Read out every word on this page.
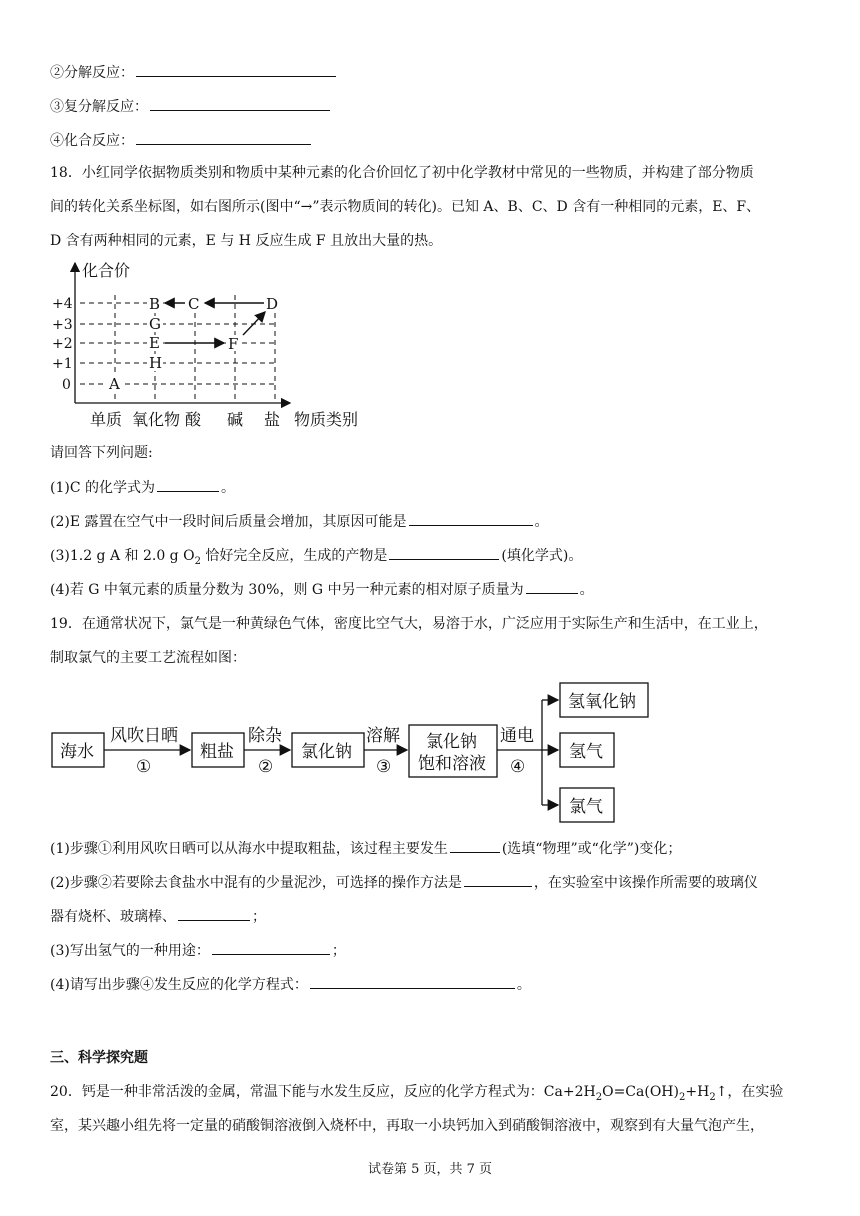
②分解反应：
③复分解反应：
④化合反应：
18．小红同学依据物质类别和物质中某种元素的化合价回忆了初中化学教材中常见的一些物质，并构建了部分物质
间的转化关系坐标图，如右图所示(图中“→”表示物质间的转化)。已知 A、B、C、D 含有一种相同的元素，E、F、
D 含有两种相同的元素，E 与 H 反应生成 F 且放出大量的热。
化合价
物质类别
+4
+3
+2
+1
0
单质 氧化物 酸 碱 盐
A
B C	D
E	F
G
H
请回答下列问题:
(1)C 的化学式为	。
(2)E 露置在空气中一段时间后质量会增加，其原因可能是	。
(3)1.2 g A 和 2.0 g $O_2$ 恰好完全反应，生成的产物是	(填化学式)。
(4)若 G 中氧元素的质量分数为 30%，则 G 中另一种元素的相对原子质量为	。
19．在通常状况下，氯气是一种黄绿色气体，密度比空气大，易溶于水，广泛应用于实际生产和生活中，在工业上，
制取氯气的主要工艺流程如图：
海水	粗盐	氯化钠	氯化钠
饱和溶液
氢氧化钠
氢气
氯气
风吹日晒
①
除杂
②
溶解
③
通电
④
(1)步骤①利用风吹日晒可以从海水中提取粗盐，该过程主要发生	(选填“物理”或“化学”)变化；
(2)步骤②若要除去食盐水中混有的少量泥沙，可选择的操作方法是	，在实验室中该操作所需要的玻璃仪
器有烧杯、玻璃棒、	；
(3)写出氢气的一种用途：	；
(4)请写出步骤④发生反应的化学方程式：	。
三、科学探究题
20．钙是一种非常活泼的金属，常温下能与水发生反应，反应的化学方程式为：$Ca+2H_2O=Ca(OH)_2+H_2↑$，在实验
室，某兴趣小组先将一定量的硝酸铜溶液倒入烧杯中，再取一小块钙加入到硝酸铜溶液中，观察到有大量气泡产生，
试卷第 5 页，共 7 页
